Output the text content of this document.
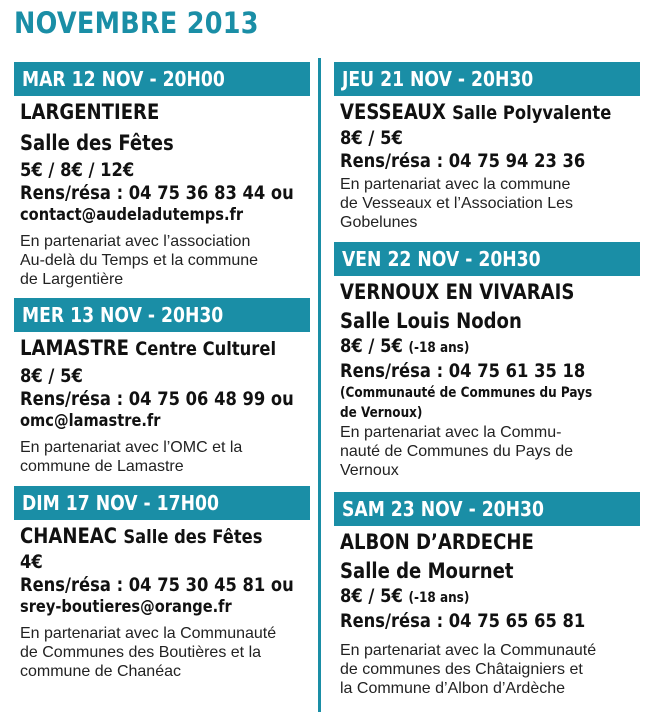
NOVEMBRE 2013
MAR 12 NOV - 20H00
LARGENTIERE
Salle des Fêtes
5€ / 8€ / 12€
Rens/résa : 04 75 36 83 44 ou
contact@audeladutemps.fr
En partenariat avec l’association
Au-delà du Temps et la commune
de Largentière
MER 13 NOV - 20H30
LAMASTRE Centre Culturel
8€ / 5€
Rens/résa : 04 75 06 48 99 ou
omc@lamastre.fr
En partenariat avec l’OMC et la
commune de Lamastre
DIM 17 NOV - 17H00
CHANEAC Salle des Fêtes
4€
Rens/résa : 04 75 30 45 81 ou
srey-boutieres@orange.fr
En partenariat avec la Communauté
de Communes des Boutières et la
commune de Chanéac
JEU 21 NOV - 20H30
VESSEAUX Salle Polyvalente
8€ / 5€
Rens/résa : 04 75 94 23 36
En partenariat avec la commune
de Vesseaux et l’Association Les
Gobelunes
VEN 22 NOV - 20H30
VERNOUX EN VIVARAIS
Salle Louis Nodon
8€ / 5€ (-18 ans)
Rens/résa : 04 75 61 35 18
(Communauté de Communes du Pays
de Vernoux)
En partenariat avec la Commu-
nauté de Communes du Pays de
Vernoux
SAM 23 NOV - 20H30
ALBON D’ARDECHE
Salle de Mournet
8€ / 5€ (-18 ans)
Rens/résa : 04 75 65 65 81
En partenariat avec la Communauté
de communes des Châtaigniers et
la Commune d’Albon d’Ardèche
